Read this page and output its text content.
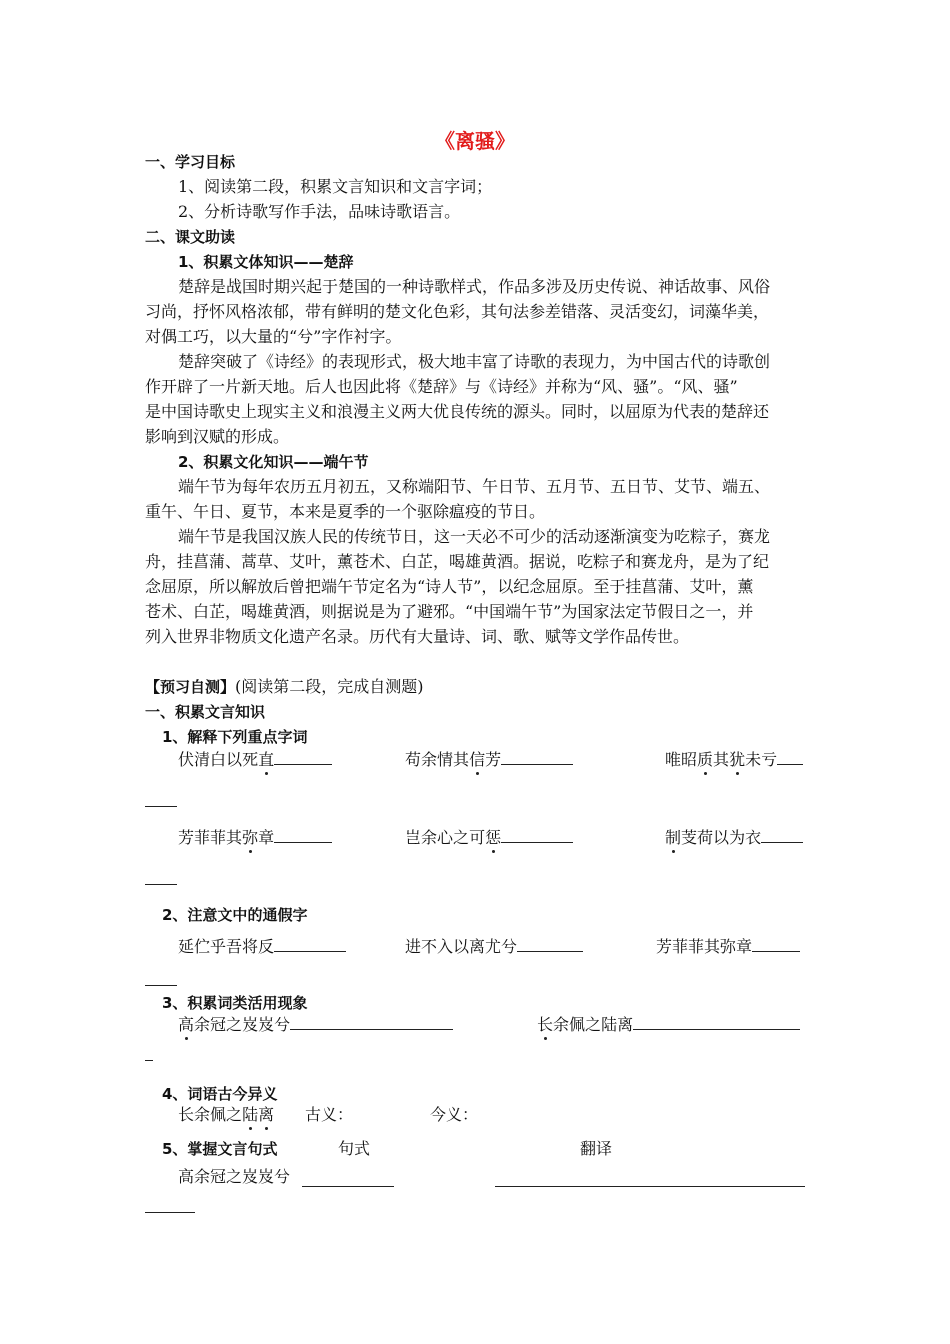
《离骚》
一、学习目标
1、阅读第二段，积累文言知识和文言字词；
2、分析诗歌写作手法，品味诗歌语言。
二、课文助读
1、积累文体知识——楚辞
楚辞是战国时期兴起于楚国的一种诗歌样式，作品多涉及历史传说、神话故事、风俗
习尚，抒怀风格浓郁，带有鲜明的楚文化色彩，其句法参差错落、灵活变幻，词藻华美，
对偶工巧，以大量的“兮”字作衬字。
楚辞突破了《诗经》的表现形式，极大地丰富了诗歌的表现力，为中国古代的诗歌创
作开辟了一片新天地。后人也因此将《楚辞》与《诗经》并称为“风、骚”。“风、骚”
是中国诗歌史上现实主义和浪漫主义两大优良传统的源头。同时，以屈原为代表的楚辞还
影响到汉赋的形成。
2、积累文化知识——端午节
端午节为每年农历五月初五，又称端阳节、午日节、五月节、五日节、艾节、端五、
重午、午日、夏节，本来是夏季的一个驱除瘟疫的节日。
端午节是我国汉族人民的传统节日，这一天必不可少的活动逐渐演变为吃粽子，赛龙
舟，挂菖蒲、蒿草、艾叶，薰苍术、白芷，喝雄黄酒。据说，吃粽子和赛龙舟，是为了纪
念屈原，所以解放后曾把端午节定名为“诗人节”，以纪念屈原。至于挂菖蒲、艾叶，薰
苍术、白芷，喝雄黄酒，则据说是为了避邪。“中国端午节”为国家法定节假日之一，并
列入世界非物质文化遗产名录。历代有大量诗、词、歌、赋等文学作品传世。
【预习自测】(阅读第二段，完成自测题)
一、积累文言知识
1、解释下列重点字词
伏清白以死直	苟余情其信芳	唯昭质其犹未亏
芳菲菲其弥章	岂余心之可惩	制芰荷以为衣
2、注意文中的通假字
延伫乎吾将反	进不入以离尤兮	芳菲菲其弥章
3、积累词类活用现象
高余冠之岌岌兮	长余佩之陆离
4、词语古今异义
长余佩之陆离 古义：	今义：
5、掌握文言句式	句式	翻译
高余冠之岌岌兮
